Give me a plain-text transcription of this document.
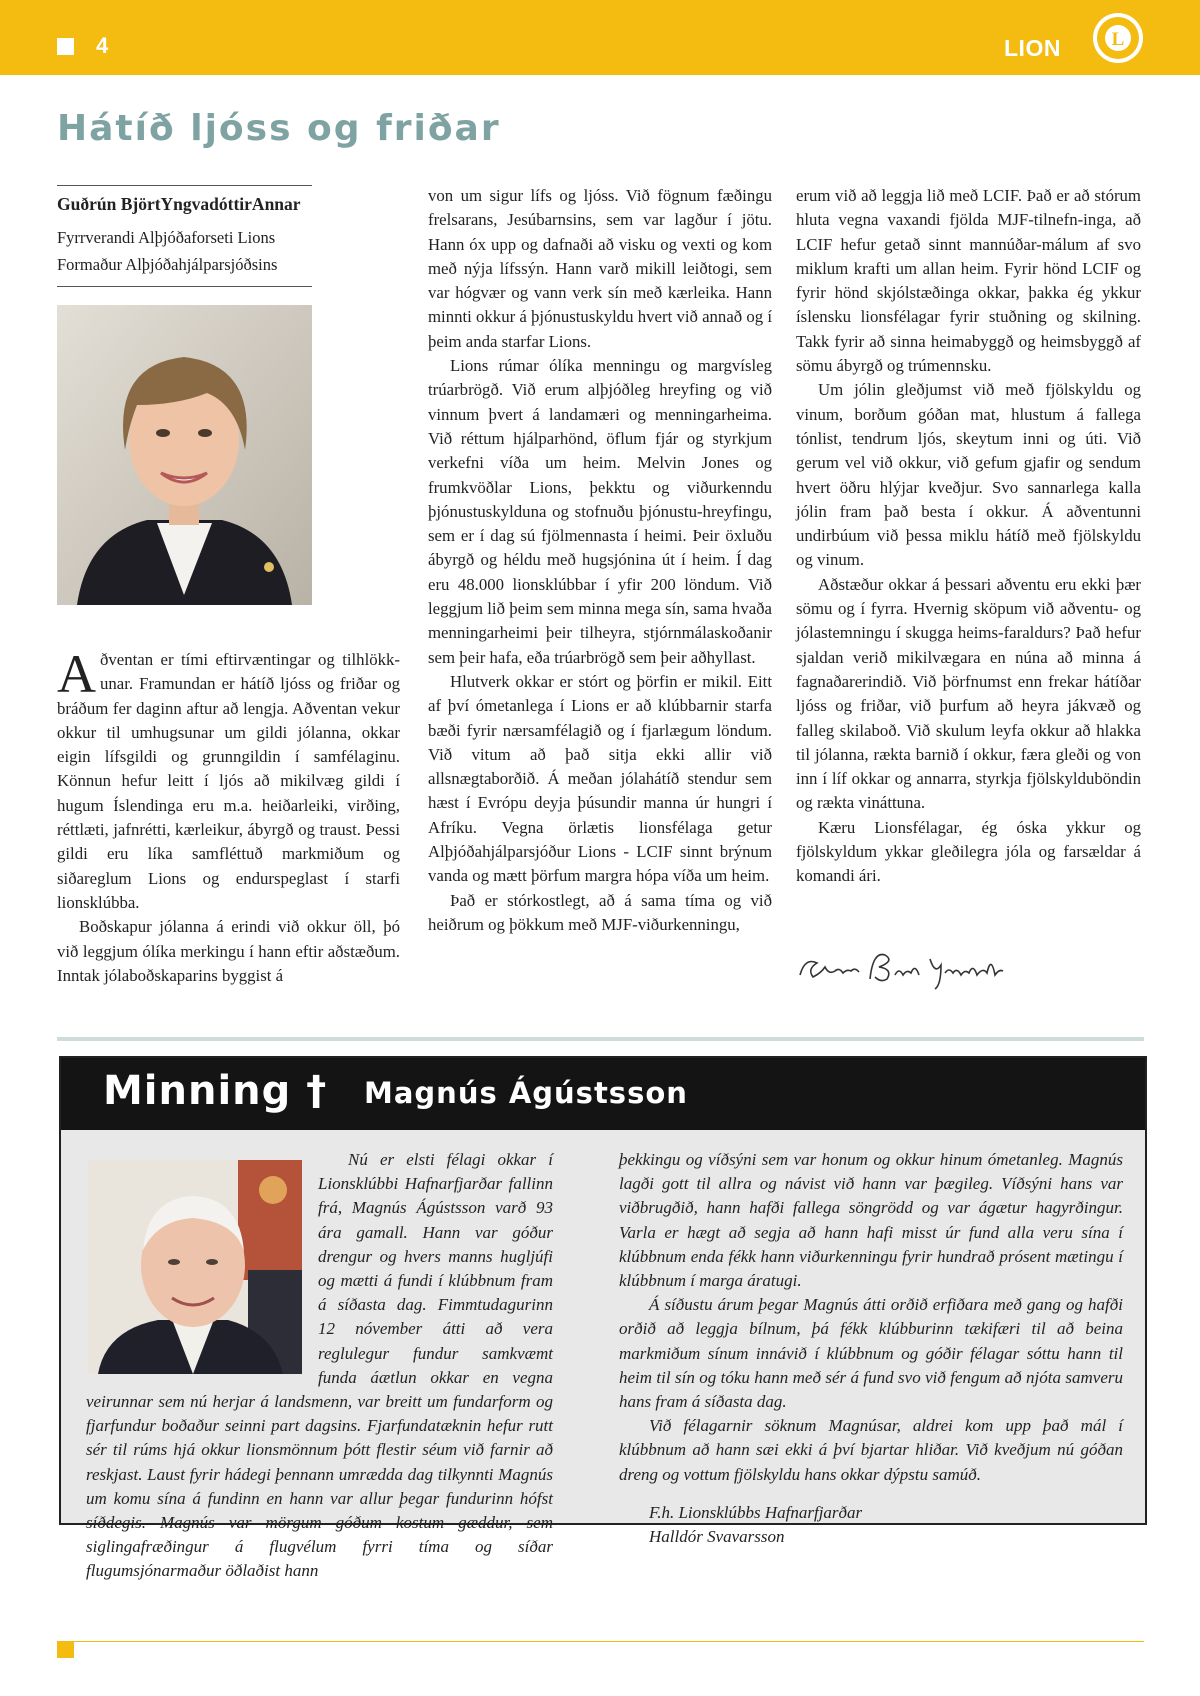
4	LION	L
Hátíð ljóss og friðar
Guðrún BjörtYngvadóttirAnnar
Fyrrverandi Alþjóðaforseti Lions
Formaður Alþjóðahjálparsjóðsins

Aðventan er tími eftirvæntingar og tilhlökk-unar. Framundan er hátíð ljóss og friðar og bráðum fer daginn aftur að lengja. Aðventan vekur okkur til umhugsunar um gildi jólanna, okkar eigin lífsgildi og grunngildin í samfélaginu. Könnun hefur leitt í ljós að mikilvæg gildi í hugum Íslendinga eru m.a. heiðarleiki, virðing, réttlæti, jafnrétti, kærleikur, ábyrgð og traust. Þessi gildi eru líka samfléttuð markmiðum og siðareglum Lions og endurspeglast í starfi lionsklúbba.

Boðskapur jólanna á erindi við okkur öll, þó við leggjum ólíka merkingu í hann eftir aðstæðum. Inntak jólaboðskaparins byggist á

von um sigur lífs og ljóss. Við fögnum fæðingu frelsarans, Jesúbarnsins, sem var lagður í jötu. Hann óx upp og dafnaði að visku og vexti og kom með nýja lífssýn. Hann varð mikill leiðtogi, sem var hógvær og vann verk sín með kærleika. Hann minnti okkur á þjónustuskyldu hvert við annað og í þeim anda starfar Lions.

Lions rúmar ólíka menningu og margvísleg trúarbrögð. Við erum alþjóðleg hreyfing og við vinnum þvert á landamæri og menningarheima. Við réttum hjálparhönd, öflum fjár og styrkjum verkefni víða um heim. Melvin Jones og frumkvöðlar Lions, þekktu og viðurkenndu þjónustuskylduna og stofnuðu þjónustu-hreyfingu, sem er í dag sú fjölmennasta í heimi. Þeir öxluðu ábyrgð og héldu með hugsjónina út í heim. Í dag eru 48.000 lionsklúbbar í yfir 200 löndum. Við leggjum lið þeim sem minna mega sín, sama hvaða menningarheimi þeir tilheyra, stjórnmálaskoðanir sem þeir hafa, eða trúarbrögð sem þeir aðhyllast.

Hlutverk okkar er stórt og þörfin er mikil. Eitt af því ómetanlega í Lions er að klúbbarnir starfa bæði fyrir nærsamfélagið og í fjarlægum löndum. Við vitum að það sitja ekki allir við allsnægtaborðið. Á meðan jólahátíð stendur sem hæst í Evrópu deyja þúsundir manna úr hungri í Afríku. Vegna örlætis lionsfélaga getur Alþjóðahjálparsjóður Lions - LCIF sinnt brýnum vanda og mætt þörfum margra hópa víða um heim.

Það er stórkostlegt, að á sama tíma og við heiðrum og þökkum með MJF-viðurkenningu,

erum við að leggja lið með LCIF. Það er að stórum hluta vegna vaxandi fjölda MJF-tilnefn-inga, að LCIF hefur getað sinnt mannúðar-málum af svo miklum krafti um allan heim. Fyrir hönd LCIF og fyrir hönd skjólstæðinga okkar, þakka ég ykkur íslensku lionsfélagar fyrir stuðning og skilning. Takk fyrir að sinna heimabyggð og heimsbyggð af sömu ábyrgð og trúmennsku.

Um jólin gleðjumst við með fjölskyldu og vinum, borðum góðan mat, hlustum á fallega tónlist, tendrum ljós, skeytum inni og úti. Við gerum vel við okkur, við gefum gjafir og sendum hvert öðru hlýjar kveðjur. Svo sannarlega kalla jólin fram það besta í okkur. Á aðventunni undirbúum við þessa miklu hátíð með fjölskyldu og vinum.

Aðstæður okkar á þessari aðventu eru ekki þær sömu og í fyrra. Hvernig sköpum við aðventu- og jólastemningu í skugga heims-faraldurs? Það hefur sjaldan verið mikilvægara en núna að minna á fagnaðarerindið. Við þörfnumst enn frekar hátíðar ljóss og friðar, við þurfum að heyra jákvæð og falleg skilaboð. Við skulum leyfa okkur að hlakka til jólanna, rækta barnið í okkur, færa gleði og von inn í líf okkar og annarra, styrkja fjölskylduböndin og rækta vináttuna.

Kæru Lionsfélagar, ég óska ykkur og fjölskyldum ykkar gleðilegra jóla og farsældar á komandi ári.

Minning † Magnús Ágústsson

Nú er elsti félagi okkar í Lionsklúbbi Hafnarfjarðar fallinn frá, Magnús Ágústsson varð 93 ára gamall. Hann var góður drengur og hvers manns hugljúfi og mætti á fundi í klúbbnum fram á síðasta dag. Fimmtudagurinn 12 nóvember átti að vera reglulegur fundur samkvæmt funda áætlun okkar en vegna veirunnar sem nú herjar á landsmenn, var breitt um fundarform og fjarfundur boðaður seinni part dagsins. Fjarfundatæknin hefur rutt sér til rúms hjá okkur lionsmönnum þótt flestir séum við farnir að reskjast. Laust fyrir hádegi þennann umrædda dag tilkynnti Magnús um komu sína á fundinn en hann var allur þegar fundurinn hófst síðdegis. Magnús var mörgum góðum kostum gæddur, sem siglingafræðingur á flugvélum fyrri tíma og síðar flugumsjónarmaður öðlaðist hann

þekkingu og víðsýni sem var honum og okkur hinum ómetanleg. Magnús lagði gott til allra og návist við hann var þægileg. Víðsýni hans var viðbrugðið, hann hafði fallega söngrödd og var ágætur hagyrðingur. Varla er hægt að segja að hann hafi misst úr fund alla veru sína í klúbbnum enda fékk hann viðurkenningu fyrir hundrað prósent mætingu í klúbbnum í marga áratugi.

Á síðustu árum þegar Magnús átti orðið erfiðara með gang og hafði orðið að leggja bílnum, þá fékk klúbburinn tækifæri til að beina markmiðum sínum innávið í klúbbnum og góðir félagar sóttu hann til heim til sín og tóku hann með sér á fund svo við fengum að njóta samveru hans fram á síðasta dag.

Við félagarnir söknum Magnúsar, aldrei kom upp það mál í klúbbnum að hann sæi ekki á því bjartar hliðar. Við kveðjum nú góðan dreng og vottum fjölskyldu hans okkar dýpstu samúð.

F.h. Lionsklúbbs Hafnarfjarðar
Halldór Svavarsson
